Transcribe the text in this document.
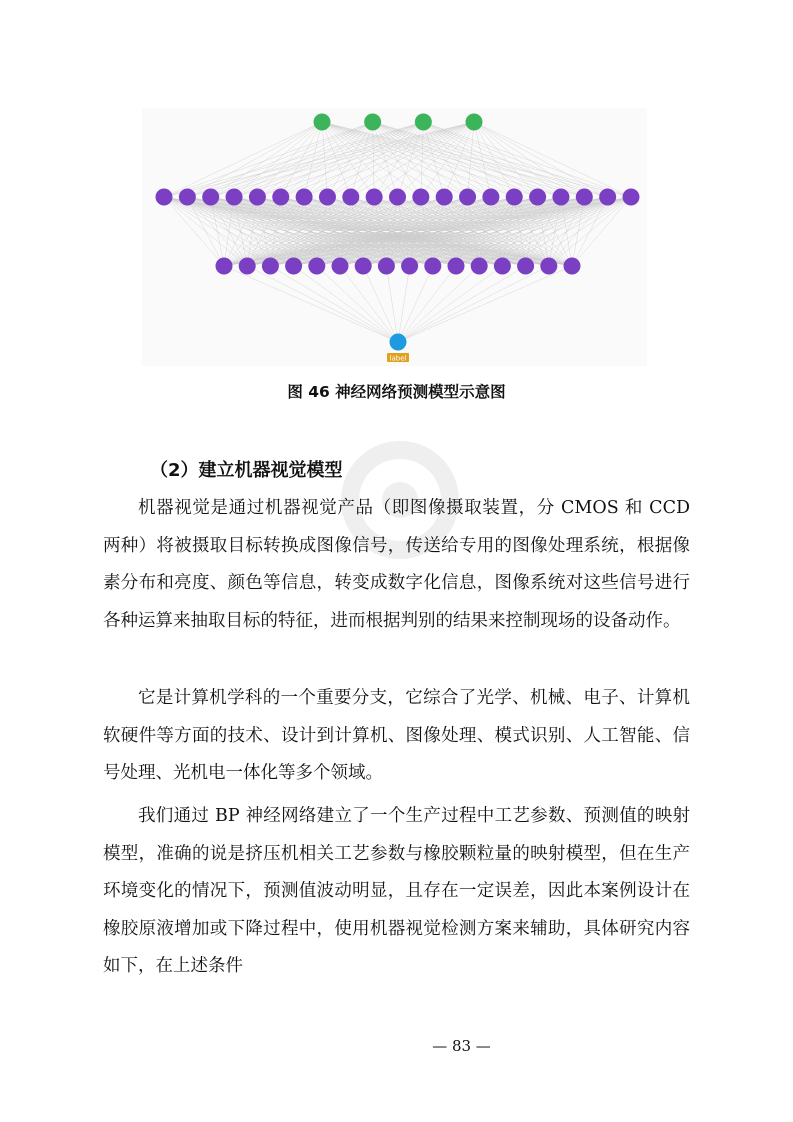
label
图 46 神经网络预测模型示意图
（2）建立机器视觉模型

机器视觉是通过机器视觉产品（即图像摄取装置，分 CMOS 和 CCD 两种）将被摄取目标转换成图像信号，传送给专用的图像处理系统，根据像素分布和亮度、颜色等信息，转变成数字化信息，图像系统对这些信号进行各种运算来抽取目标的特征，进而根据判别的结果来控制现场的设备动作。

它是计算机学科的一个重要分支，它综合了光学、机械、电子、计算机软硬件等方面的技术、设计到计算机、图像处理、模式识别、人工智能、信号处理、光机电一体化等多个领域。

我们通过 BP 神经网络建立了一个生产过程中工艺参数、预测值的映射模型，准确的说是挤压机相关工艺参数与橡胶颗粒量的映射模型，但在生产环境变化的情况下，预测值波动明显，且存在一定误差，因此本案例设计在橡胶原液增加或下降过程中，使用机器视觉检测方案来辅助，具体研究内容如下，在上述条件

— 83 —
